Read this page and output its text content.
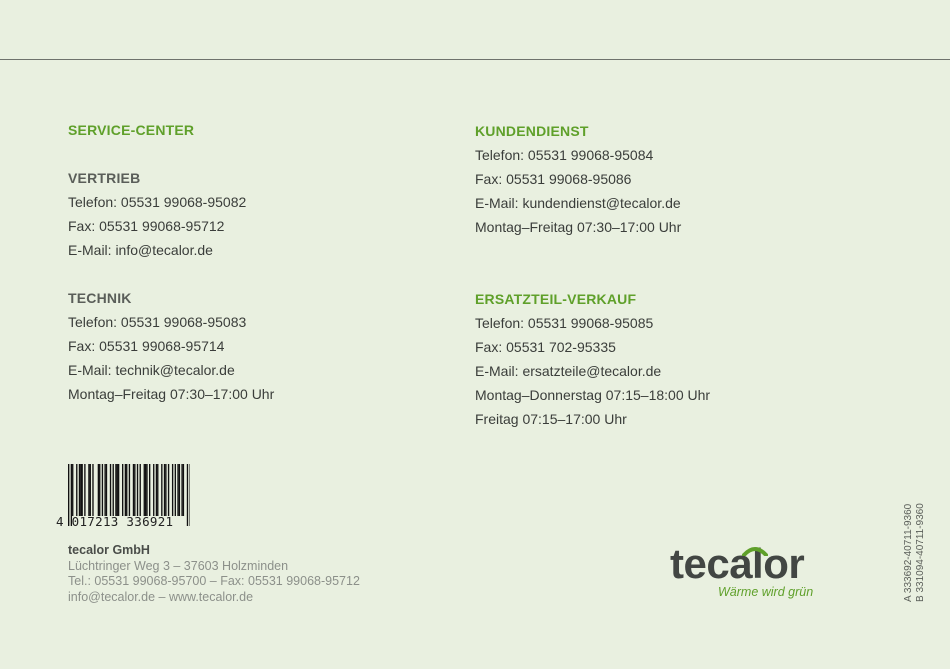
SERVICE-CENTER
VERTRIEB
Telefon: 05531 99068-95082
Fax: 05531 99068-95712
E-Mail: info@tecalor.de
TECHNIK
Telefon: 05531 99068-95083
Fax: 05531 99068-95714
E-Mail: technik@tecalor.de
Montag–Freitag 07:30–17:00 Uhr
KUNDENDIENST
Telefon: 05531 99068-95084
Fax: 05531 99068-95086
E-Mail: kundendienst@tecalor.de
Montag–Freitag 07:30–17:00 Uhr
ERSATZTEIL-VERKAUF
Telefon: 05531 99068-95085
Fax: 05531 702-95335
E-Mail: ersatzteile@tecalor.de
Montag–Donnerstag 07:15–18:00 Uhr
Freitag 07:15–17:00 Uhr
4 017213 336921
tecalor GmbH
Lüchtringer Weg 3 – 37603 Holzminden
Tel.: 05531 99068-95700 – Fax: 05531 99068-95712
info@tecalor.de – www.tecalor.de
tecalor
Wärme wird grün	A 333692-40711-9360 B 331094-40711-9360
